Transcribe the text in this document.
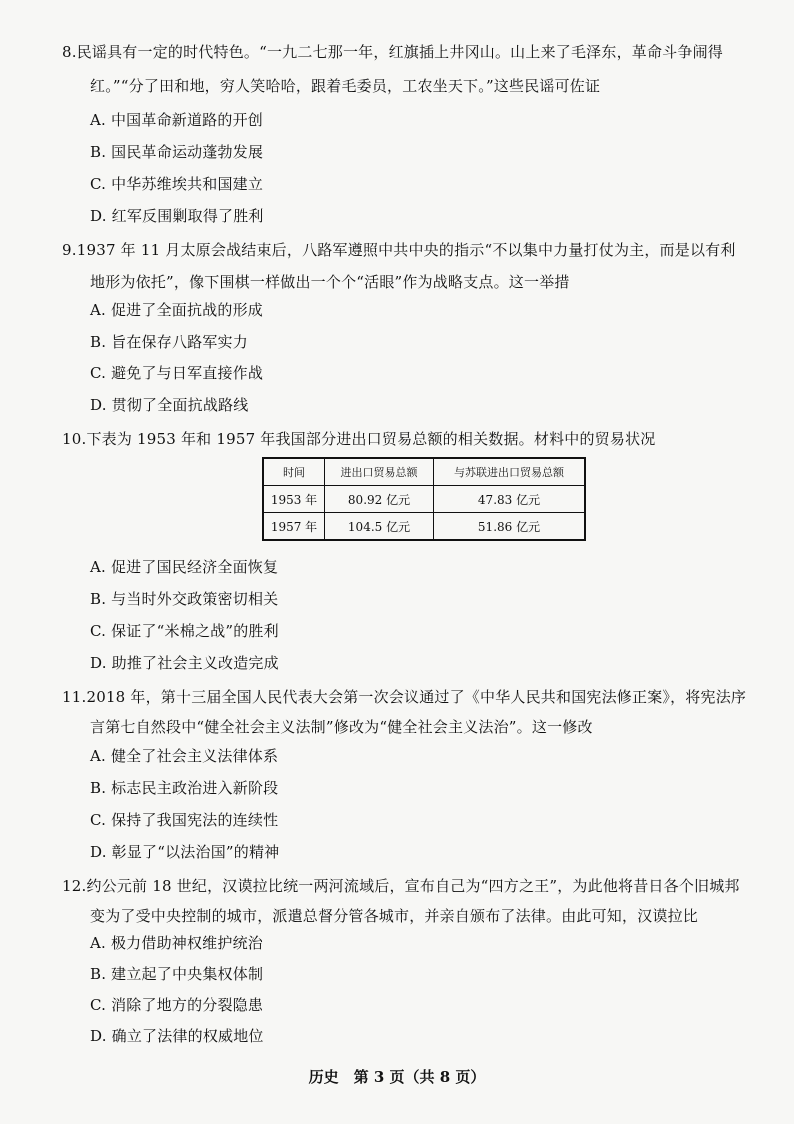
8.民谣具有一定的时代特色。“一九二七那一年，红旗插上井冈山。山上来了毛泽东，革命斗争闹得
红。”“分了田和地，穷人笑哈哈，跟着毛委员，工农坐天下。”这些民谣可佐证
A. 中国革命新道路的开创
B. 国民革命运动蓬勃发展
C. 中华苏维埃共和国建立
D. 红军反围剿取得了胜利
9.1937 年 11 月太原会战结束后，八路军遵照中共中央的指示“不以集中力量打仗为主，而是以有利
地形为依托”，像下围棋一样做出一个个“活眼”作为战略支点。这一举措
A. 促进了全面抗战的形成
B. 旨在保存八路军实力
C. 避免了与日军直接作战
D. 贯彻了全面抗战路线
10.下表为 1953 年和 1957 年我国部分进出口贸易总额的相关数据。材料中的贸易状况
时间	进出口贸易总额	与苏联进出口贸易总额
1953 年	80.92 亿元	47.83 亿元
1957 年	104.5 亿元	51.86 亿元
A. 促进了国民经济全面恢复
B. 与当时外交政策密切相关
C. 保证了“米棉之战”的胜利
D. 助推了社会主义改造完成
11.2018 年，第十三届全国人民代表大会第一次会议通过了《中华人民共和国宪法修正案》，将宪法序
言第七自然段中“健全社会主义法制”修改为“健全社会主义法治”。这一修改
A. 健全了社会主义法律体系
B. 标志民主政治进入新阶段
C. 保持了我国宪法的连续性
D. 彰显了“以法治国”的精神
12.约公元前 18 世纪，汉谟拉比统一两河流域后，宣布自己为“四方之王”，为此他将昔日各个旧城邦
变为了受中央控制的城市，派遣总督分管各城市，并亲自颁布了法律。由此可知，汉谟拉比
A. 极力借助神权维护统治
B. 建立起了中央集权体制
C. 消除了地方的分裂隐患
D. 确立了法律的权威地位
历史　第 3 页（共 8 页）
